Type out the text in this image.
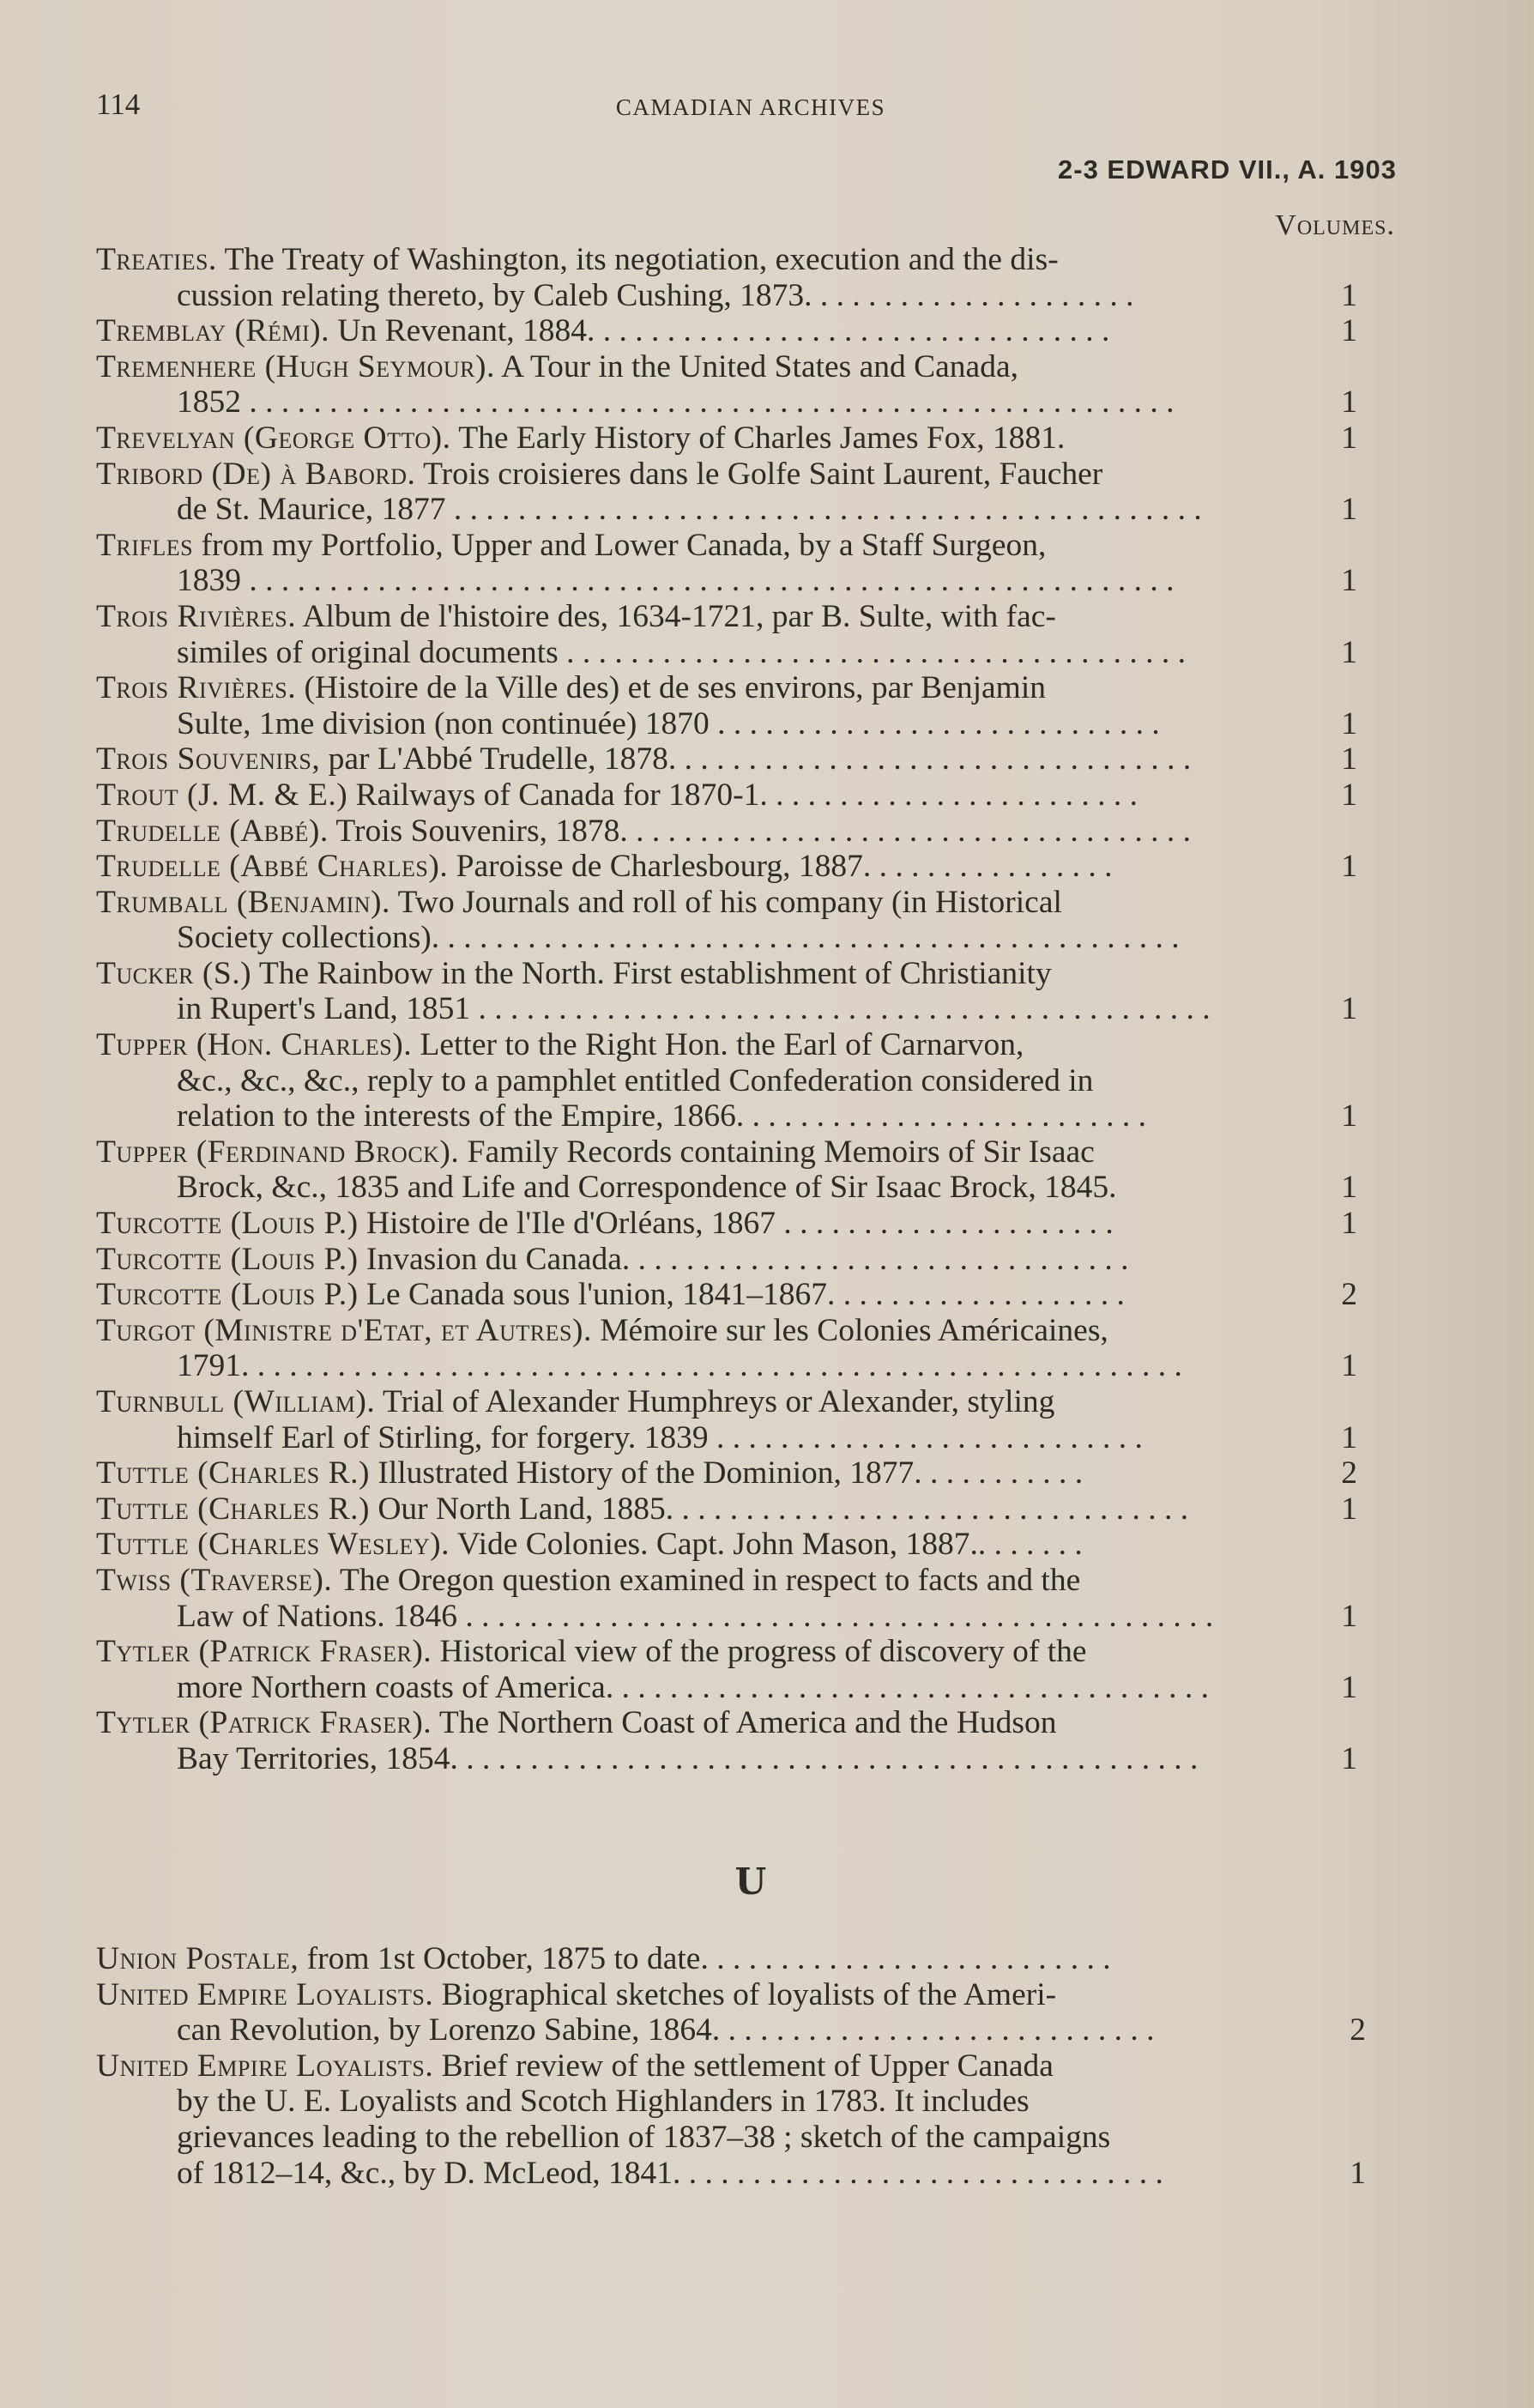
114	CAMADIAN ARCHIVES
2-3 EDWARD VII., A. 1903
Volumes.
Treaties. The Treaty of Washington, its negotiation, execution and the dis-
cussion relating thereto, by Caleb Cushing, 1873. . . . . . . . . . . . . . . . . . . . .	1
Tremblay (Rémi). Un Revenant, 1884. . . . . . . . . . . . . . . . . . . . . . . . . . . . . . . . .	1
Tremenhere (Hugh Seymour). A Tour in the United States and Canada,
1852 . . . . . . . . . . . . . . . . . . . . . . . . . . . . . . . . . . . . . . . . . . . . . . . . . . . . . . . . . .	1
Trevelyan (George Otto). The Early History of Charles James Fox, 1881.	1
Tribord (De) à Babord. Trois croisieres dans le Golfe Saint Laurent, Faucher
de St. Maurice, 1877 . . . . . . . . . . . . . . . . . . . . . . . . . . . . . . . . . . . . . . . . . . . . . . .	1
Trifles from my Portfolio, Upper and Lower Canada, by a Staff Surgeon,
1839 . . . . . . . . . . . . . . . . . . . . . . . . . . . . . . . . . . . . . . . . . . . . . . . . . . . . . . . . . .	1
Trois Rivières. Album de l'histoire des, 1634-1721, par B. Sulte, with fac-
similes of original documents . . . . . . . . . . . . . . . . . . . . . . . . . . . . . . . . . . . . . . .	1
Trois Rivières. (Histoire de la Ville des) et de ses environs, par Benjamin
Sulte, 1me division (non continuée) 1870 . . . . . . . . . . . . . . . . . . . . . . . . . . . .	1
Trois Souvenirs, par L'Abbé Trudelle, 1878. . . . . . . . . . . . . . . . . . . . . . . . . . . . . . . . .	1
Trout (J. M. & E.) Railways of Canada for 1870-1. . . . . . . . . . . . . . . . . . . . . . . .	1
Trudelle (Abbé). Trois Souvenirs, 1878. . . . . . . . . . . . . . . . . . . . . . . . . . . . . . . . . . . .
Trudelle (Abbé Charles). Paroisse de Charlesbourg, 1887. . . . . . . . . . . . . . . .	1
Trumball (Benjamin). Two Journals and roll of his company (in Historical
Society collections). . . . . . . . . . . . . . . . . . . . . . . . . . . . . . . . . . . . . . . . . . . . . . .
Tucker (S.) The Rainbow in the North. First establishment of Christianity
in Rupert's Land, 1851 . . . . . . . . . . . . . . . . . . . . . . . . . . . . . . . . . . . . . . . . . . . . . .	1
Tupper (Hon. Charles). Letter to the Right Hon. the Earl of Carnarvon,
&c., &c., &c., reply to a pamphlet entitled Confederation considered in
relation to the interests of the Empire, 1866. . . . . . . . . . . . . . . . . . . . . . . . . .	1
Tupper (Ferdinand Brock). Family Records containing Memoirs of Sir Isaac
Brock, &c., 1835 and Life and Correspondence of Sir Isaac Brock, 1845.	1
Turcotte (Louis P.) Histoire de l'Ile d'Orléans, 1867 . . . . . . . . . . . . . . . . . . . . .	1
Turcotte (Louis P.) Invasion du Canada. . . . . . . . . . . . . . . . . . . . . . . . . . . . . . . .
Turcotte (Louis P.) Le Canada sous l'union, 1841–1867. . . . . . . . . . . . . . . . . . .	2
Turgot (Ministre d'Etat, et Autres). Mémoire sur les Colonies Américaines,
1791. . . . . . . . . . . . . . . . . . . . . . . . . . . . . . . . . . . . . . . . . . . . . . . . . . . . . . . . . . .	1
Turnbull (William). Trial of Alexander Humphreys or Alexander, styling
himself Earl of Stirling, for forgery. 1839 . . . . . . . . . . . . . . . . . . . . . . . . . . .	1
Tuttle (Charles R.) Illustrated History of the Dominion, 1877. . . . . . . . . . .	2
Tuttle (Charles R.) Our North Land, 1885. . . . . . . . . . . . . . . . . . . . . . . . . . . . . . . . .	1
Tuttle (Charles Wesley). Vide Colonies. Capt. John Mason, 1887.. . . . . . .
Twiss (Traverse). The Oregon question examined in respect to facts and the
Law of Nations. 1846 . . . . . . . . . . . . . . . . . . . . . . . . . . . . . . . . . . . . . . . . . . . . . . .	1
Tytler (Patrick Fraser). Historical view of the progress of discovery of the
more Northern coasts of America. . . . . . . . . . . . . . . . . . . . . . . . . . . . . . . . . . . . . .	1
Tytler (Patrick Fraser). The Northern Coast of America and the Hudson
Bay Territories, 1854. . . . . . . . . . . . . . . . . . . . . . . . . . . . . . . . . . . . . . . . . . . . . . .	1
U
Union Postale, from 1st October, 1875 to date. . . . . . . . . . . . . . . . . . . . . . . . . .
United Empire Loyalists. Biographical sketches of loyalists of the Ameri-
can Revolution, by Lorenzo Sabine, 1864. . . . . . . . . . . . . . . . . . . . . . . . . . . .	2
United Empire Loyalists. Brief review of the settlement of Upper Canada
by the U. E. Loyalists and Scotch Highlanders in 1783. It includes
grievances leading to the rebellion of 1837–38 ; sketch of the campaigns
of 1812–14, &c., by D. McLeod, 1841. . . . . . . . . . . . . . . . . . . . . . . . . . . . . . .	1
